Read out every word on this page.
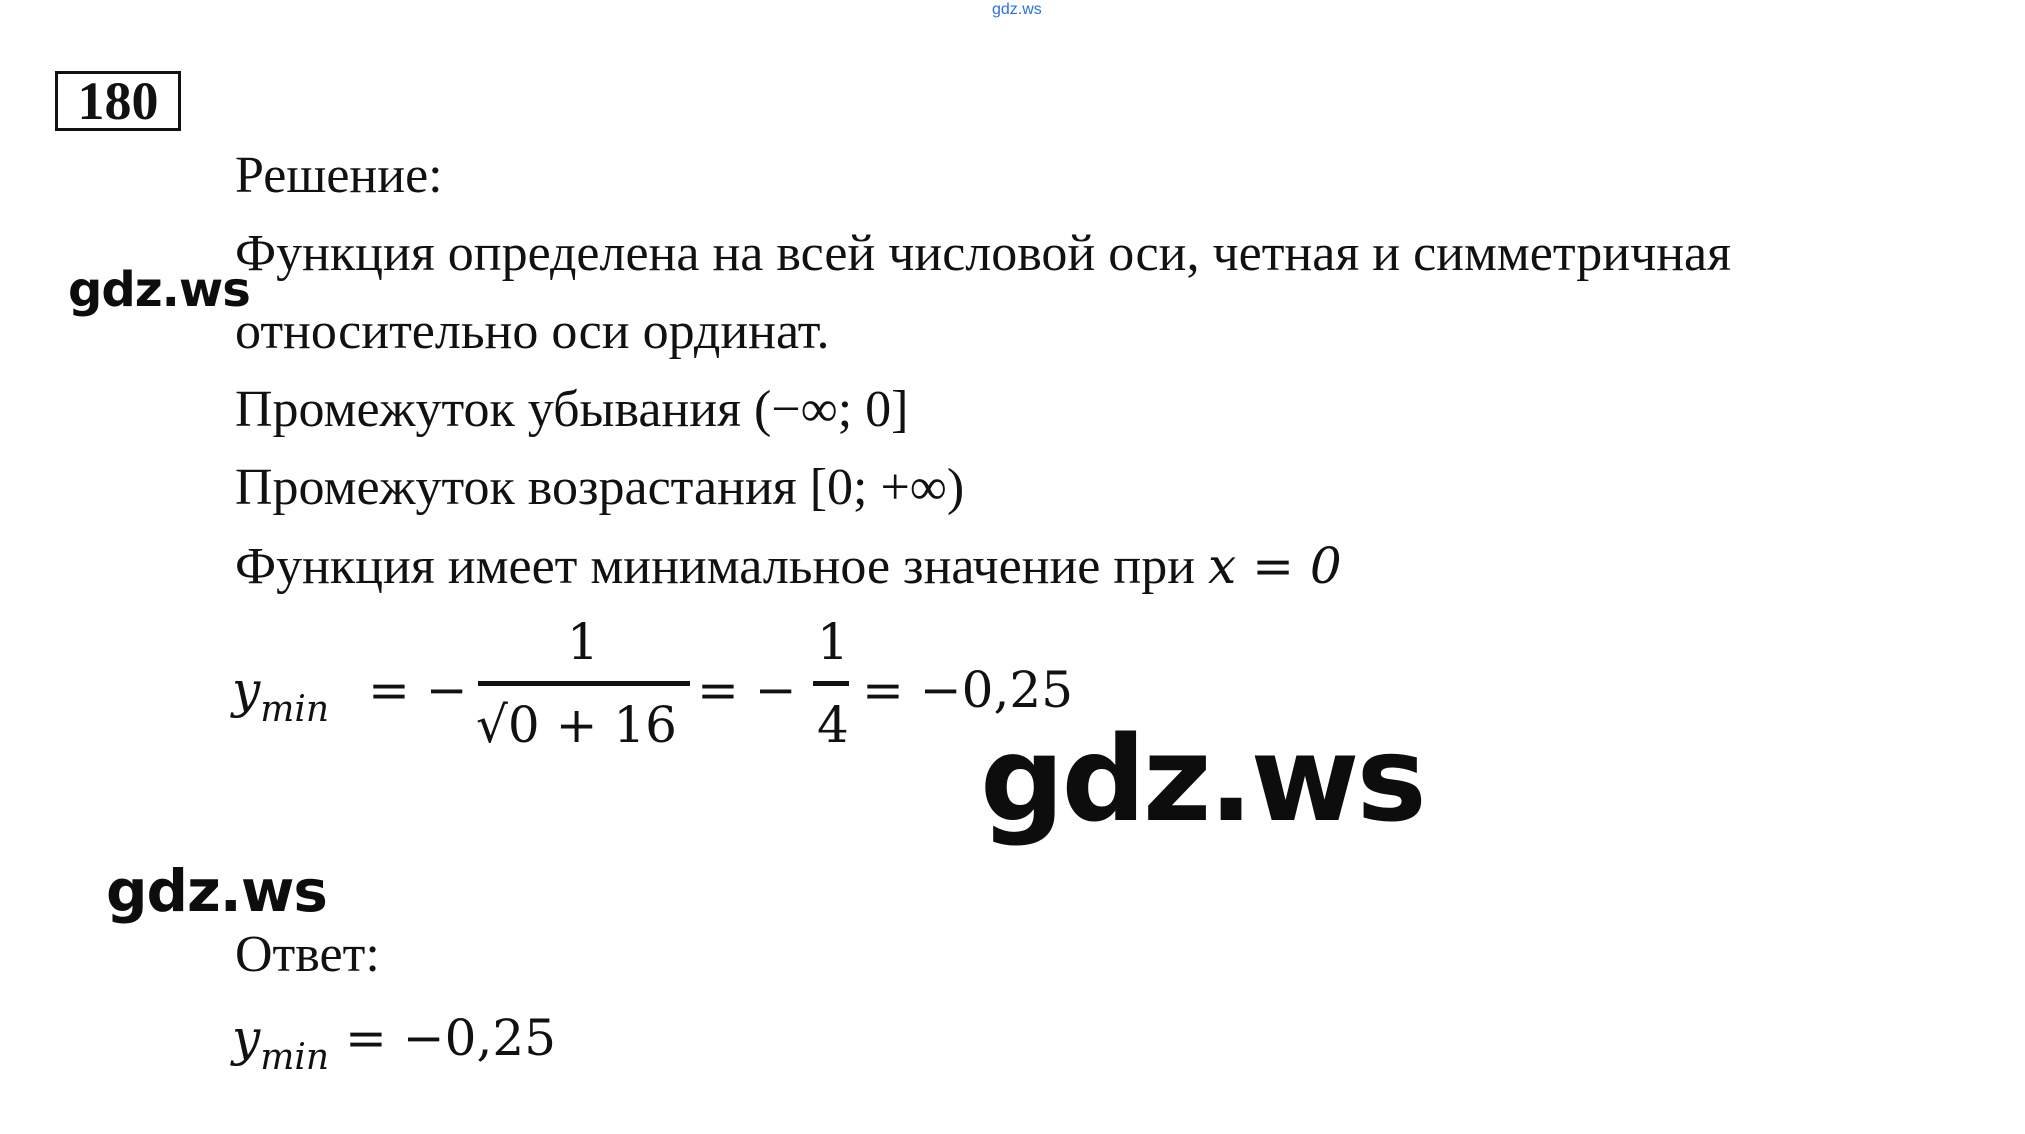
gdz.ws
180
Решение:
Функция определена на всей числовой оси, четная и симметричная
относительно оси ординат.
Промежуток убывания (−∞; 0]
Промежуток возрастания [0; +∞)
Функция имеет минимальное значение при x = 0
$y_{min}$ = −
1
√0 + 16
= −
1
4
= −0,25
Ответ:
$y_{min} = -0,25$
gdz.ws
gdz.ws
gdz.ws
